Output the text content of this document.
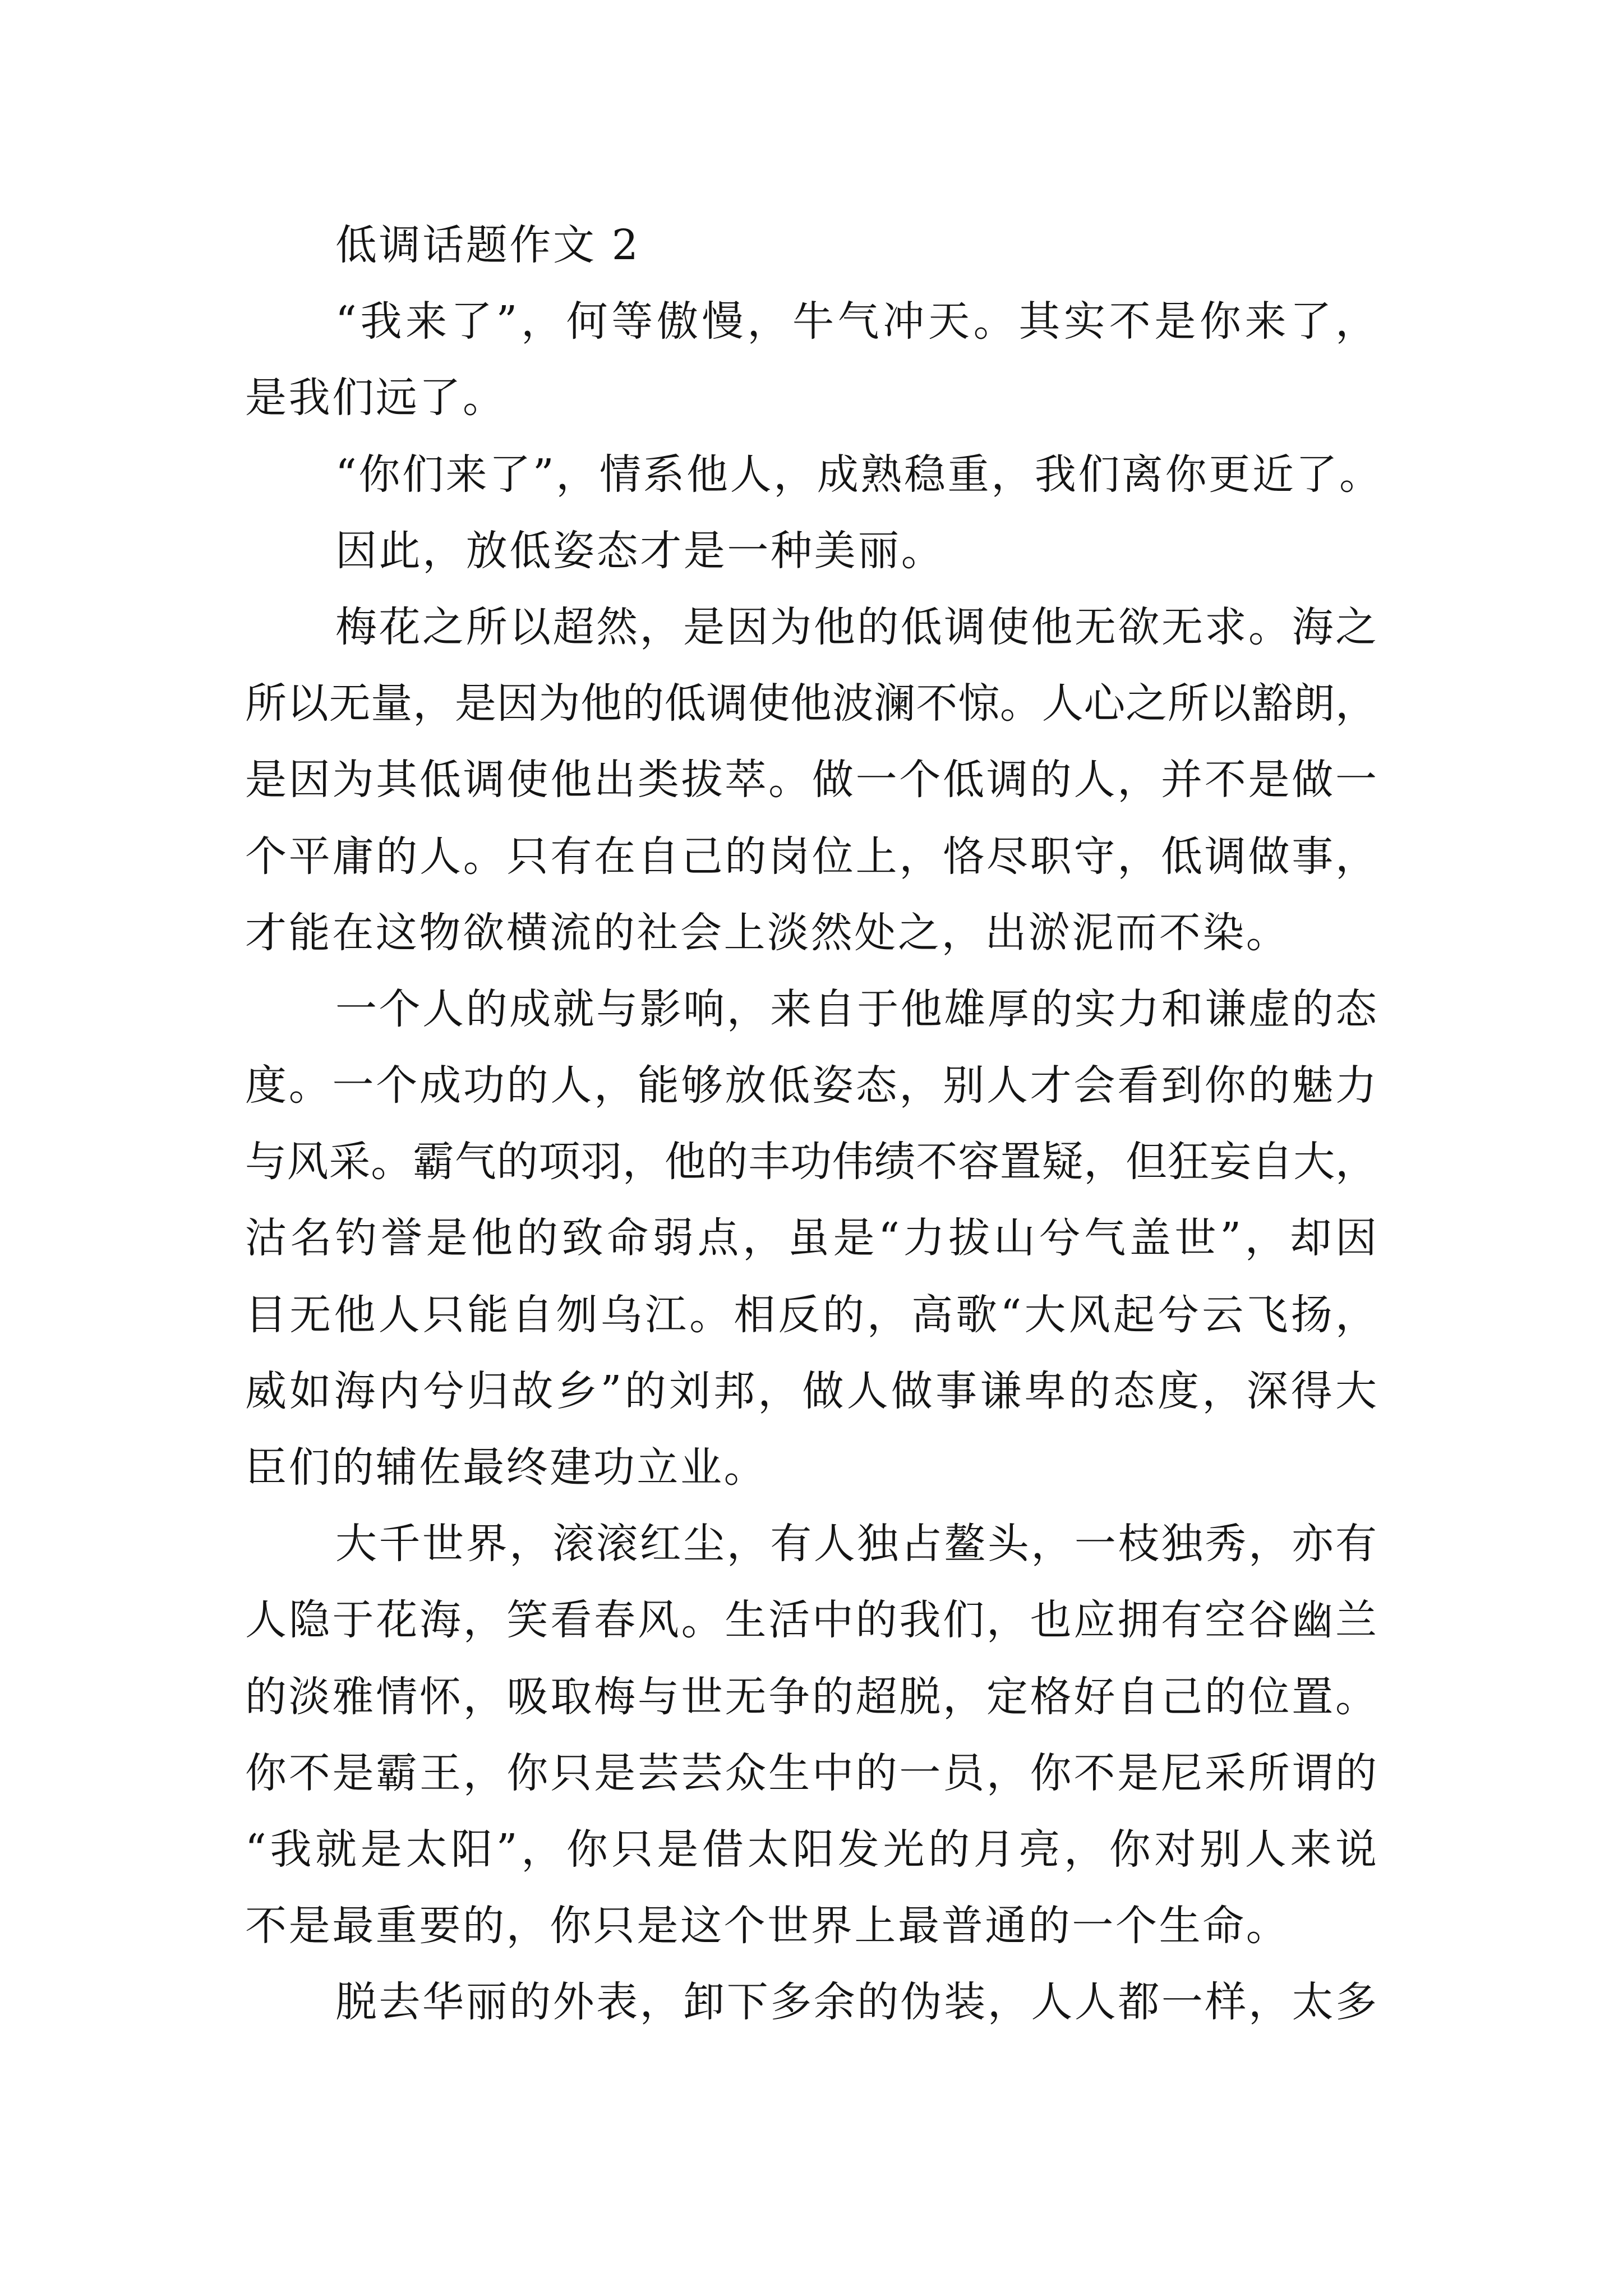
低调话题作文 2
“我来了”，何等傲慢，牛气冲天。其实不是你来了，
是我们远了。
“你们来了”，情系他人，成熟稳重，我们离你更近了。
因此，放低姿态才是一种美丽。
梅花之所以超然，是因为他的低调使他无欲无求。海之
所以无量，是因为他的低调使他波澜不惊。人心之所以豁朗，
是因为其低调使他出类拔萃。做一个低调的人，并不是做一
个平庸的人。只有在自己的岗位上，恪尽职守，低调做事，
才能在这物欲横流的社会上淡然处之，出淤泥而不染。
一个人的成就与影响，来自于他雄厚的实力和谦虚的态
度。一个成功的人，能够放低姿态，别人才会看到你的魅力
与风采。霸气的项羽，他的丰功伟绩不容置疑，但狂妄自大，
沽名钓誉是他的致命弱点，虽是“力拔山兮气盖世”，却因
目无他人只能自刎乌江。相反的，高歌“大风起兮云飞扬，
威如海内兮归故乡”的刘邦，做人做事谦卑的态度，深得大
臣们的辅佐最终建功立业。
大千世界，滚滚红尘，有人独占鳌头，一枝独秀，亦有
人隐于花海，笑看春风。生活中的我们，也应拥有空谷幽兰
的淡雅情怀，吸取梅与世无争的超脱，定格好自己的位置。
你不是霸王，你只是芸芸众生中的一员，你不是尼采所谓的
“我就是太阳”，你只是借太阳发光的月亮，你对别人来说
不是最重要的，你只是这个世界上最普通的一个生命。
脱去华丽的外表，卸下多余的伪装，人人都一样，太多
